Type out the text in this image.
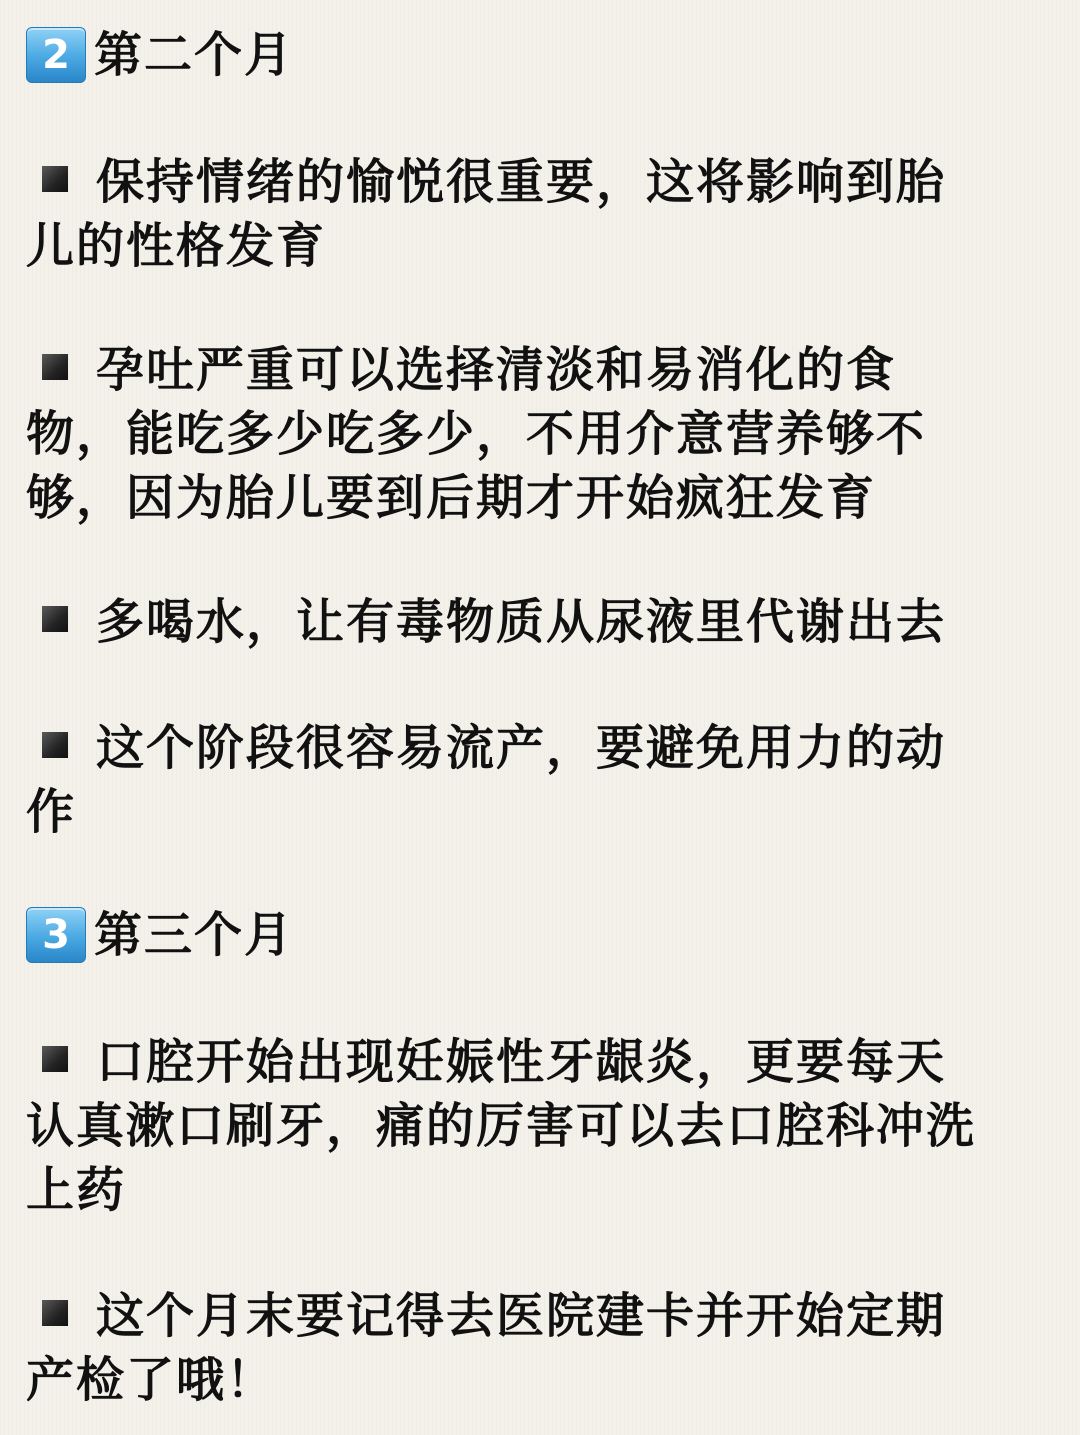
2 第二个月

保持情绪的愉悦很重要，这将影响到胎
儿的性格发育

孕吐严重可以选择清淡和易消化的食
物，能吃多少吃多少，不用介意营养够不
够，因为胎儿要到后期才开始疯狂发育

多喝水，让有毒物质从尿液里代谢出去

这个阶段很容易流产，要避免用力的动
作

3 第三个月

口腔开始出现妊娠性牙龈炎，更要每天
认真漱口刷牙，痛的厉害可以去口腔科冲洗
上药

这个月末要记得去医院建卡并开始定期
产检了哦！
